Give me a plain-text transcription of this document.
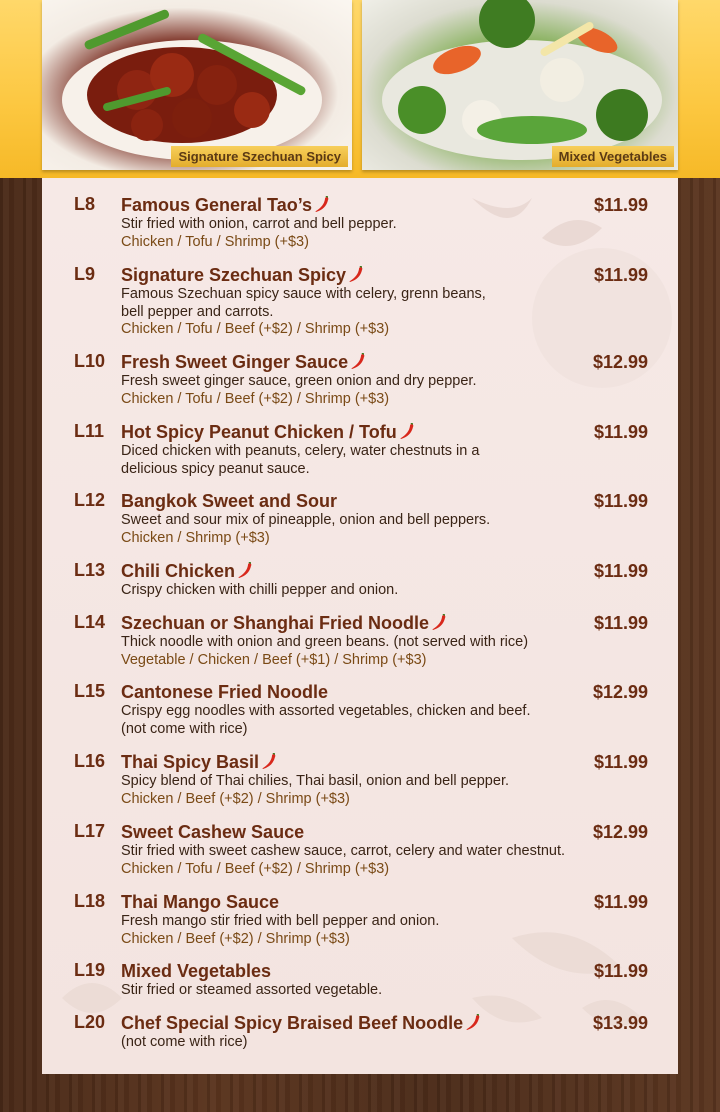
Signature Szechuan Spicy	Mixed Vegetables
L8 Famous General Tao’s
Stir fried with onion, carrot and bell pepper.
Chicken / Tofu / Shrimp (+$3)
$11.99
L9 Signature Szechuan Spicy
Famous Szechuan spicy sauce with celery, grenn beans,
bell pepper and carrots.
Chicken / Tofu / Beef (+$2) / Shrimp (+$3)
$11.99
L10 Fresh Sweet Ginger Sauce
Fresh sweet ginger sauce, green onion and dry pepper.
Chicken / Tofu / Beef (+$2) / Shrimp (+$3)
$12.99
L11 Hot Spicy Peanut Chicken / Tofu
Diced chicken with peanuts, celery, water chestnuts in a
delicious spicy peanut sauce.
$11.99
L12 Bangkok Sweet and Sour
Sweet and sour mix of pineapple, onion and bell peppers.
Chicken / Shrimp (+$3)
$11.99
L13 Chili Chicken
Crispy chicken with chilli pepper and onion.
$11.99
L14 Szechuan or Shanghai Fried Noodle
Thick noodle with onion and green beans. (not served with rice)
Vegetable / Chicken / Beef (+$1) / Shrimp (+$3)
$11.99
L15 Cantonese Fried Noodle
Crispy egg noodles with assorted vegetables, chicken and beef.
(not come with rice)
$12.99
L16 Thai Spicy Basil
Spicy blend of Thai chilies, Thai basil, onion and bell pepper.
Chicken / Beef (+$2) / Shrimp (+$3)
$11.99
L17 Sweet Cashew Sauce
Stir fried with sweet cashew sauce, carrot, celery and water chestnut.
Chicken / Tofu / Beef (+$2) / Shrimp (+$3)
$12.99
L18 Thai Mango Sauce
Fresh mango stir fried with bell pepper and onion.
Chicken / Beef (+$2) / Shrimp (+$3)
$11.99
L19 Mixed Vegetables
Stir fried or steamed assorted vegetable.
$11.99
L20 Chef Special Spicy Braised Beef Noodle
(not come with rice)
$13.99
